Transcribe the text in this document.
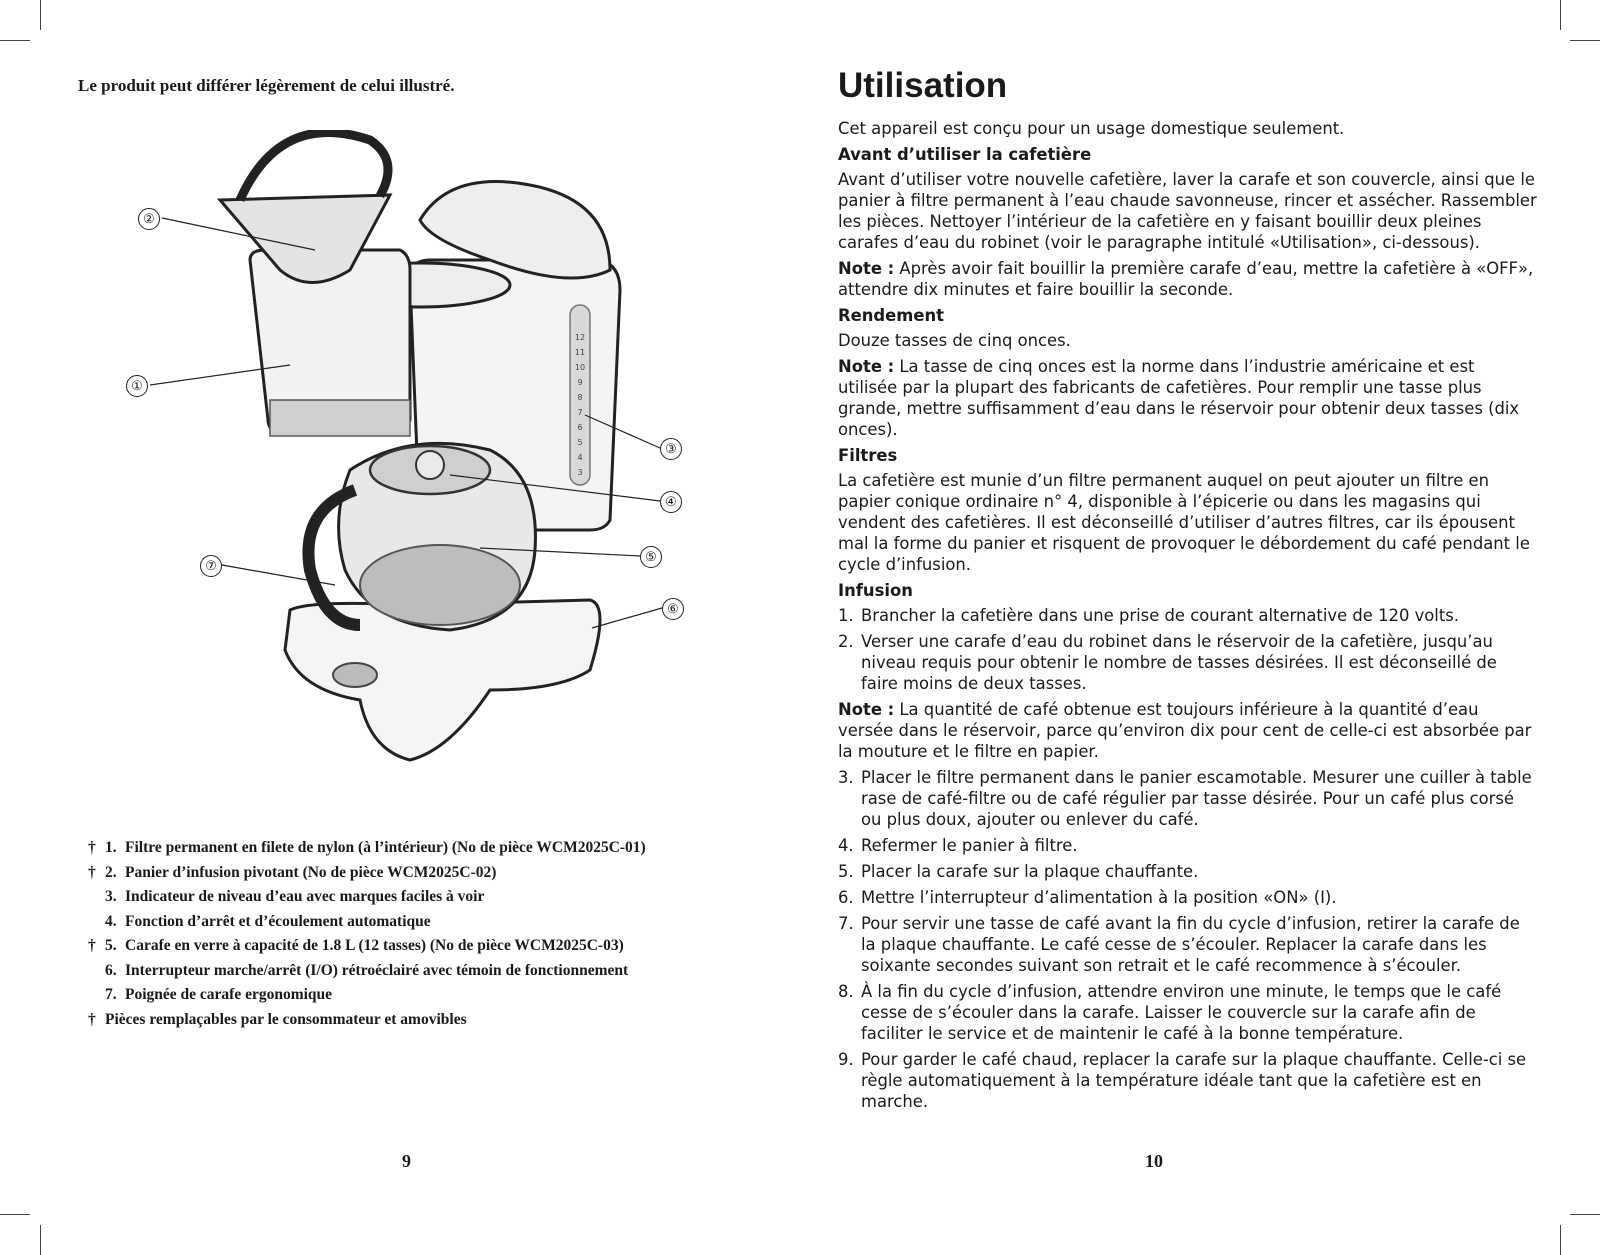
Le produit peut différer légèrement de celui illustré.
12
11
10
9
8
7
6
5
4
3
②
①
③
④
⑤
⑥
⑦
† 1. Filtre permanent en filete de nylon (à l’intérieur) (No de pièce WCM2025C-01)
† 2. Panier d’infusion pivotant (No de pièce WCM2025C-02)
3. Indicateur de niveau d’eau avec marques faciles à voir
4. Fonction d’arrêt et d’écoulement automatique
† 5. Carafe en verre à capacité de 1.8 L (12 tasses) (No de pièce WCM2025C-03)
6. Interrupteur marche/arrêt (I/O) rétroéclairé avec témoin de fonctionnement
7. Poignée de carafe ergonomique
† Pièces remplaçables par le consommateur et amovibles
9
Utilisation

Cet appareil est conçu pour un usage domestique seulement.

Avant d’utiliser la cafetière

Avant d’utiliser votre nouvelle cafetière, laver la carafe et son couvercle, ainsi que le panier à filtre permanent à l’eau chaude savonneuse, rincer et assécher. Rassembler les pièces. Nettoyer l’intérieur de la cafetière en y faisant bouillir deux pleines carafes d’eau du robinet (voir le paragraphe intitulé «Utilisation», ci-dessous).

Note : Après avoir fait bouillir la première carafe d’eau, mettre la cafetière à «OFF», attendre dix minutes et faire bouillir la seconde.

Rendement

Douze tasses de cinq onces.

Note : La tasse de cinq onces est la norme dans l’industrie américaine et est utilisée par la plupart des fabricants de cafetières. Pour remplir une tasse plus grande, mettre suffisamment d’eau dans le réservoir pour obtenir deux tasses (dix onces).

Filtres

La cafetière est munie d’un filtre permanent auquel on peut ajouter un filtre en papier conique ordinaire n° 4, disponible à l’épicerie ou dans les magasins qui vendent des cafetières. Il est déconseillé d’utiliser d’autres filtres, car ils épousent mal la forme du panier et risquent de provoquer le débordement du café pendant le cycle d’infusion.

Infusion

1. Brancher la cafetière dans une prise de courant alternative de 120 volts.
2. Verser une carafe d’eau du robinet dans le réservoir de la cafetière, jusqu’au niveau requis pour obtenir le nombre de tasses désirées. Il est déconseillé de faire moins de deux tasses.

Note : La quantité de café obtenue est toujours inférieure à la quantité d’eau versée dans le réservoir, parce qu’environ dix pour cent de celle-ci est absorbée par la mouture et le filtre en papier.

3. Placer le filtre permanent dans le panier escamotable. Mesurer une cuiller à table rase de café-filtre ou de café régulier par tasse désirée. Pour un café plus corsé ou plus doux, ajouter ou enlever du café.
4. Refermer le panier à filtre.
5. Placer la carafe sur la plaque chauffante.
6. Mettre l’interrupteur d’alimentation à la position «ON» (I).
7. Pour servir une tasse de café avant la fin du cycle d’infusion, retirer la carafe de la plaque chauffante. Le café cesse de s’écouler. Replacer la carafe dans les soixante secondes suivant son retrait et le café recommence à s’écouler.
8. À la fin du cycle d’infusion, attendre environ une minute, le temps que le café cesse de s’écouler dans la carafe. Laisser le couvercle sur la carafe afin de faciliter le service et de maintenir le café à la bonne température.
9. Pour garder le café chaud, replacer la carafe sur la plaque chauffante. Celle-ci se règle automatiquement à la température idéale tant que la cafetière est en marche.
10
